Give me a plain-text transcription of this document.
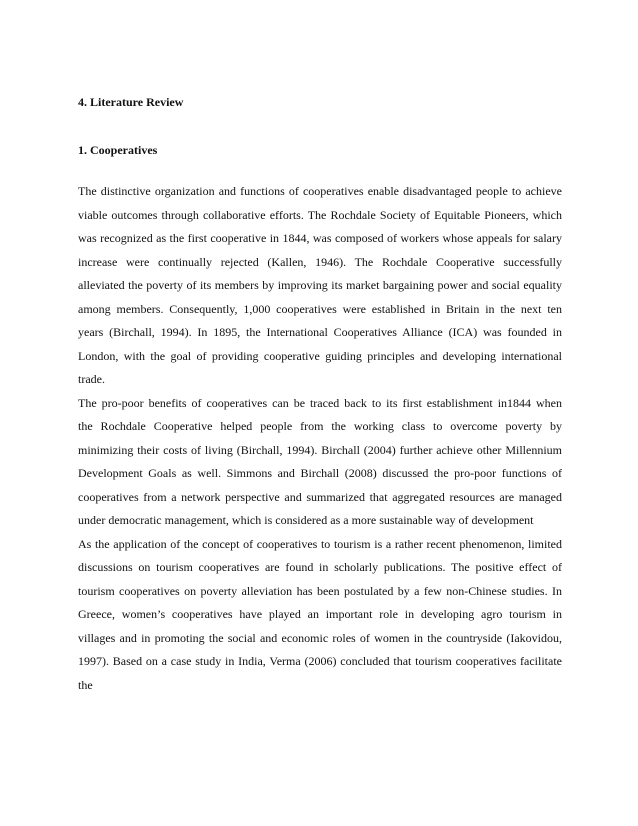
4. Literature Review
1. Cooperatives

The distinctive organization and functions of cooperatives enable disadvantaged people to achieve
viable outcomes through collaborative efforts. The Rochdale Society of Equitable Pioneers, which
was recognized as the first cooperative in 1844, was composed of workers whose appeals for salary
increase were continually rejected (Kallen, 1946). The Rochdale Cooperative successfully
alleviated the poverty of its members by improving its market bargaining power and social equality
among members. Consequently, 1,000 cooperatives were established in Britain in the next ten
years (Birchall, 1994). In 1895, the International Cooperatives Alliance (ICA) was founded in
London, with the goal of providing cooperative guiding principles and developing international
trade.

The pro-poor benefits of cooperatives can be traced back to its first establishment in1844 when
the Rochdale Cooperative helped people from the working class to overcome poverty by
minimizing their costs of living (Birchall, 1994). Birchall (2004) further achieve other Millennium
Development Goals as well. Simmons and Birchall (2008) discussed the pro-poor functions of
cooperatives from a network perspective and summarized that aggregated resources are managed
under democratic management, which is considered as a more sustainable way of development

As the application of the concept of cooperatives to tourism is a rather recent phenomenon, limited
discussions on tourism cooperatives are found in scholarly publications. The positive effect of
tourism cooperatives on poverty alleviation has been postulated by a few non-Chinese studies. In
Greece, women’s cooperatives have played an important role in developing agro tourism in
villages and in promoting the social and economic roles of women in the countryside (Iakovidou,
1997). Based on a case study in India, Verma (2006) concluded that tourism cooperatives facilitate
the
